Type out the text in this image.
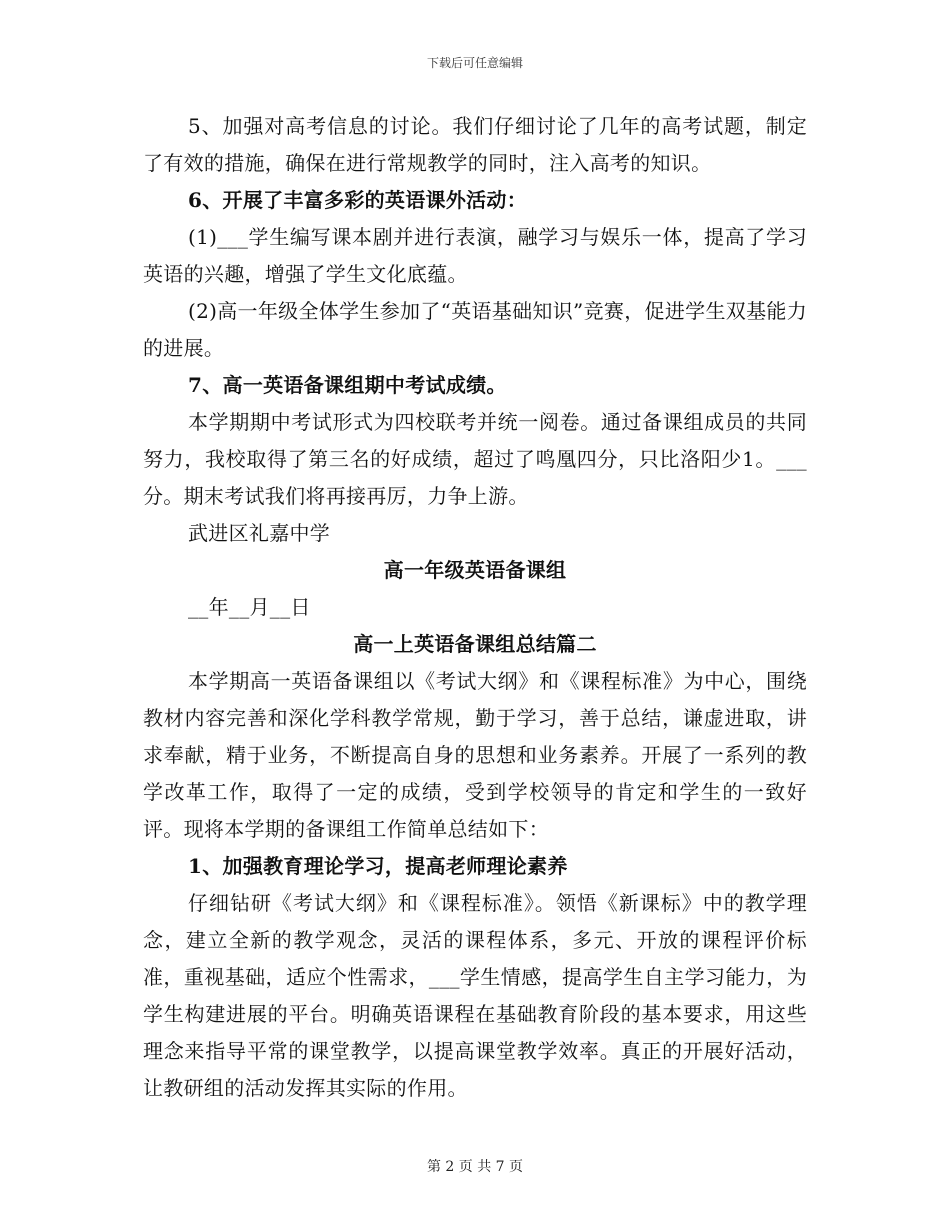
下载后可任意编辑

5、加强对高考信息的讨论。我们仔细讨论了几年的高考试题，制定了有效的措施，确保在进行常规教学的同时，注入高考的知识。

6、开展了丰富多彩的英语课外活动：

(1)___学生编写课本剧并进行表演，融学习与娱乐一体，提高了学习英语的兴趣，增强了学生文化底蕴。

(2)高一年级全体学生参加了“英语基础知识”竞赛，促进学生双基能力的进展。

7、高一英语备课组期中考试成绩。

本学期期中考试形式为四校联考并统一阅卷。通过备课组成员的共同努力，我校取得了第三名的好成绩，超过了鸣凰四分，只比洛阳少1。___分。期末考试我们将再接再厉，力争上游。

武进区礼嘉中学

高一年级英语备课组

__年__月__日

高一上英语备课组总结篇二

本学期高一英语备课组以《考试大纲》和《课程标准》为中心，围绕教材内容完善和深化学科教学常规，勤于学习，善于总结，谦虚进取，讲求奉献，精于业务，不断提高自身的思想和业务素养。开展了一系列的教学改革工作，取得了一定的成绩，受到学校领导的肯定和学生的一致好评。现将本学期的备课组工作简单总结如下：

1、加强教育理论学习，提高老师理论素养

仔细钻研《考试大纲》和《课程标准》。领悟《新课标》中的教学理念，建立全新的教学观念，灵活的课程体系，多元、开放的课程评价标准，重视基础，适应个性需求，___学生情感，提高学生自主学习能力，为学生构建进展的平台。明确英语课程在基础教育阶段的基本要求，用这些理念来指导平常的课堂教学，以提高课堂教学效率。真正的开展好活动，让教研组的活动发挥其实际的作用。

第 2 页 共 7 页
